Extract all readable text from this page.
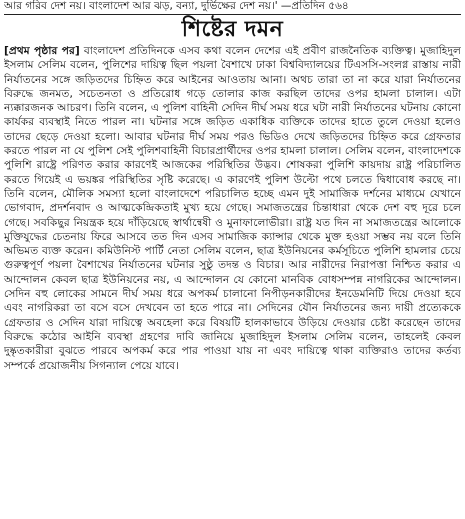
আর গরিব দেশ নয়। বাংলাদেশ আর ঝড়, বন্যা, দুর্ভিক্ষের দেশ নয়।' —প্রতিদিন ৫৬৪
শিষ্টের দমন
[প্রথম পৃষ্ঠার পর] বাংলাদেশ প্রতিদিনকে এসব কথা বলেন দেশের এই প্রবীণ রাজনৈতিক ব্যক্তিত্ব। মুজাহিদুল ইসলাম সেলিম বলেন, পুলিশের দায়িত্ব ছিল পয়লা বৈশাখে ঢাকা বিশ্ববিদ্যালয়ের টিএসসি-সংলগ্ন রাস্তায় নারী নির্যাতনের সঙ্গে জড়িতদের চিহ্নিত করে আইনের আওতায় আনা। অথচ তারা তা না করে যারা নির্যাতনের বিরুদ্ধে জনমত, সচেতনতা ও প্রতিরোধ গড়ে তোলার কাজ করছিল তাদের ওপর হামলা চালাল। এটা ন্যক্কারজনক আচরণ। তিনি বলেন, এ পুলিশ বাহিনী সেদিন দীর্ঘ সময় ধরে ঘটা নারী নির্যাতনের ঘটনায় কোনো কার্যকর ব্যবস্থাই নিতে পারল না। ঘটনার সঙ্গে জড়িত একাধিক ব্যক্তিকে তাদের হাতে তুলে দেওয়া হলেও তাদের ছেড়ে দেওয়া হলো। আবার ঘটনার দীর্ঘ সময় পরও ভিডিও দেখে জড়িতদের চিহ্নিত করে গ্রেফতার করতে পারল না যে পুলিশ সেই পুলিশবাহিনী বিচারপ্রার্থীদের ওপর হামলা চালাল। সেলিম বলেন, বাংলাদেশকে পুলিশি রাষ্ট্রে পরিণত করার কারণেই আজকের পরিস্থিতির উদ্ভব। শোষকরা পুলিশি কায়দায় রাষ্ট্র পরিচালিত করতে গিয়েই এ ভয়ঙ্কর পরিস্থিতির সৃষ্টি করেছে। এ কারণেই পুলিশ উল্টো পথে চলতে দ্বিধাবোধ করছে না। তিনি বলেন, মৌলিক সমস্যা হলো বাংলাদেশে পরিচালিত হচ্ছে এমন দুই সামাজিক দর্শনের মাধ্যমে যেখানে ভোগবাদ, প্রদর্শনবাদ ও আত্মকেন্দ্রিকতাই মুখ্য হয়ে গেছে। সমাজতন্ত্রের চিন্তাধারা থেকে দেশ বহু দূরে চলে গেছে। সবকিছুর নিয়ন্ত্রক হয়ে দাঁড়িয়েছে স্বার্থান্বেষী ও মুনাফালোভীরা। রাষ্ট্র যত দিন না সমাজতন্ত্রের আলোকে মুক্তিযুদ্ধের চেতনায় ফিরে আসবে তত দিন এসব সামাজিক ক্যান্সার থেকে মুক্ত হওয়া সম্ভব নয় বলে তিনি অভিমত ব্যক্ত করেন। কমিউনিস্ট পার্টি নেতা সেলিম বলেন, ছাত্র ইউনিয়নের কর্মসূচিতে পুলিশি হামলার চেয়ে গুরুত্বপূর্ণ পয়লা বৈশাখের নির্যাতনের ঘটনার সুষ্ঠু তদন্ত ও বিচার। আর নারীদের নিরাপত্তা নিশ্চিত করার এ আন্দোলন কেবল ছাত্র ইউনিয়নের নয়, এ আন্দোলন যে কোনো মানবিক বোধসম্পন্ন নাগরিকের আন্দোলন। সেদিন বহু লোকের সামনে দীর্ঘ সময় ধরে অপকর্ম চালানো নিপীড়নকারীদের ইনডেমনিটি দিয়ে দেওয়া হবে এবং নাগরিকরা তা বসে বসে দেখবেন তা হতে পারে না। সেদিনের যৌন নির্যাতনের জন্য দায়ী প্রত্যেককে গ্রেফতার ও সেদিন যারা দায়িত্বে অবহেলা করে বিষয়টি হালকাভাবে উড়িয়ে দেওয়ার চেষ্টা করেছেন তাদের বিরুদ্ধে কঠোর আইনি ব্যবস্থা গ্রহণের দাবি জানিয়ে মুজাহিদুল ইসলাম সেলিম বলেন, তাহলেই কেবল দুষ্কৃতকারীরা বুঝতে পারবে অপকর্ম করে পার পাওয়া যায় না এবং দায়িত্বে থাকা ব্যক্তিরাও তাদের কর্তব্য সম্পর্কে প্রয়োজনীয় সিগন্যাল পেয়ে যাবে।
